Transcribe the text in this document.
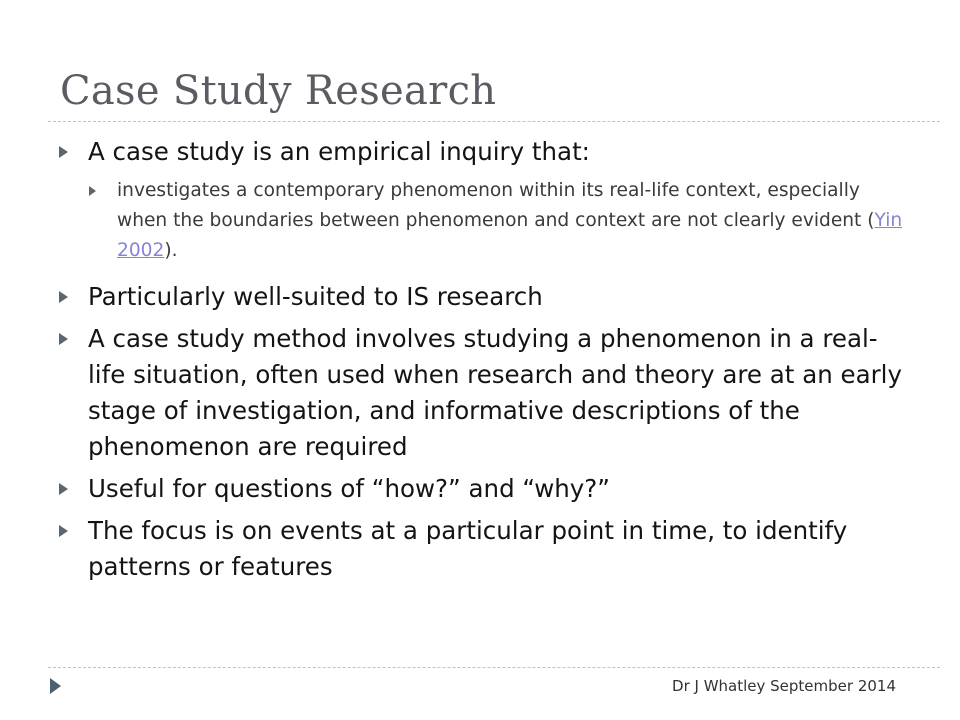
Case Study Research
A case study is an empirical inquiry that:
investigates a contemporary phenomenon within its real-life context, especially when the boundaries between phenomenon and context are not clearly evident (Yin 2002).
Particularly well-suited to IS research
A case study method involves studying a phenomenon in a real-life situation, often used when research and theory are at an early stage of investigation, and informative descriptions of the phenomenon are required
Useful for questions of “how?” and “why?”
The focus is on events at a particular point in time, to identify patterns or features
Dr J Whatley September 2014
